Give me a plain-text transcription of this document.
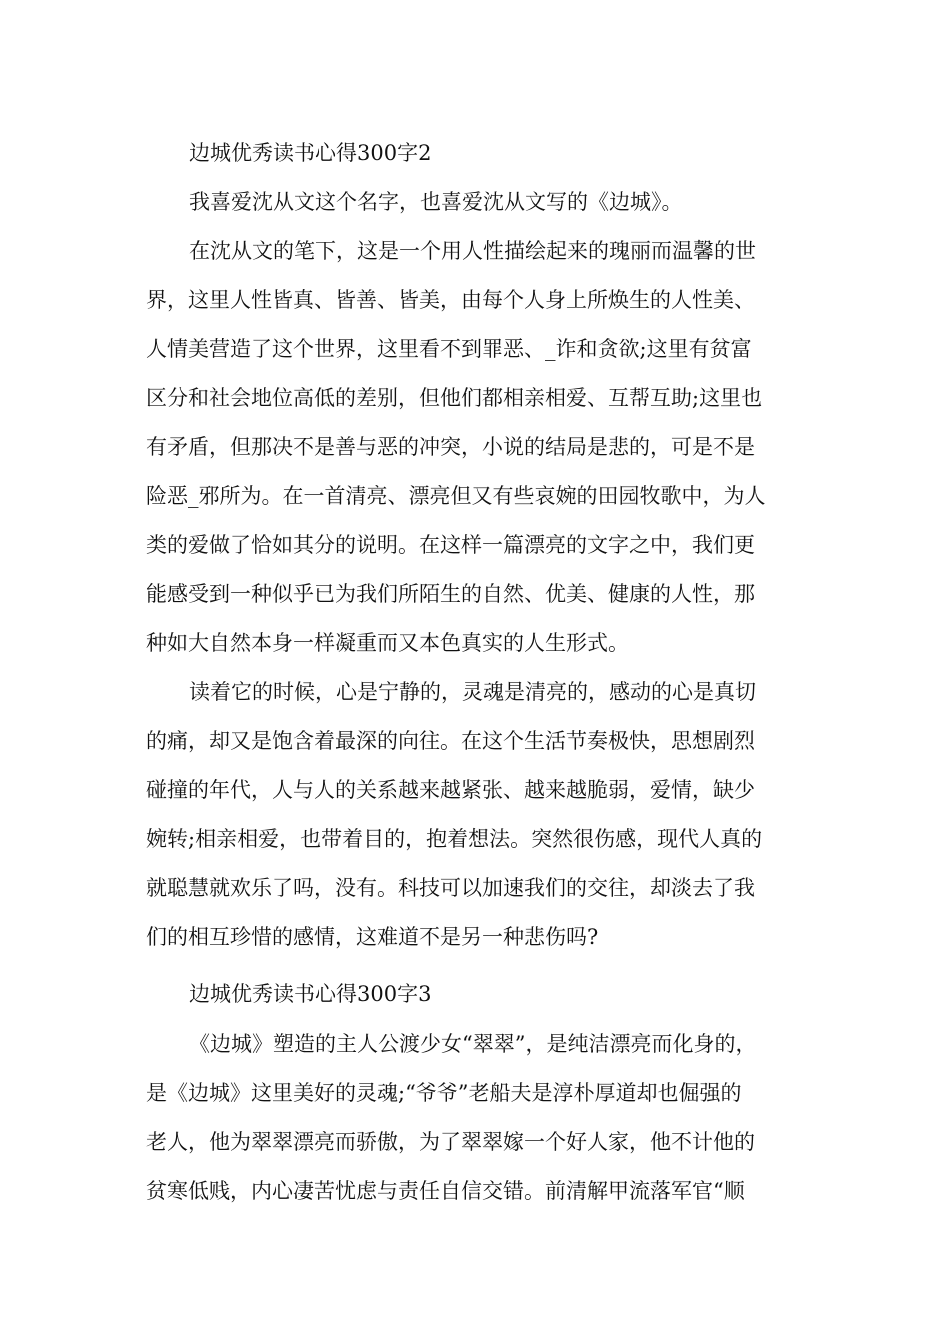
边城优秀读书心得300字2
我喜爱沈从文这个名字，也喜爱沈从文写的《边城》。
在沈从文的笔下，这是一个用人性描绘起来的瑰丽而温馨的世
界，这里人性皆真、皆善、皆美，由每个人身上所焕生的人性美、
人情美营造了这个世界，这里看不到罪恶、_诈和贪欲;这里有贫富
区分和社会地位高低的差别，但他们都相亲相爱、互帮互助;这里也
有矛盾，但那决不是善与恶的冲突，小说的结局是悲的，可是不是
险恶_邪所为。在一首清亮、漂亮但又有些哀婉的田园牧歌中，为人
类的爱做了恰如其分的说明。在这样一篇漂亮的文字之中，我们更
能感受到一种似乎已为我们所陌生的自然、优美、健康的人性，那
种如大自然本身一样凝重而又本色真实的人生形式。
读着它的时候，心是宁静的，灵魂是清亮的，感动的心是真切
的痛，却又是饱含着最深的向往。在这个生活节奏极快，思想剧烈
碰撞的年代，人与人的关系越来越紧张、越来越脆弱，爱情，缺少
婉转;相亲相爱，也带着目的，抱着想法。突然很伤感，现代人真的
就聪慧就欢乐了吗，没有。科技可以加速我们的交往，却淡去了我
们的相互珍惜的感情，这难道不是另一种悲伤吗?
边城优秀读书心得300字3
《边城》塑造的主人公渡少女“翠翠”，是纯洁漂亮而化身的，
是《边城》这里美好的灵魂;“爷爷”老船夫是淳朴厚道却也倔强的
老人，他为翠翠漂亮而骄傲，为了翠翠嫁一个好人家，他不计他的
贫寒低贱，内心凄苦忧虑与责任自信交错。前清解甲流落军官“顺
